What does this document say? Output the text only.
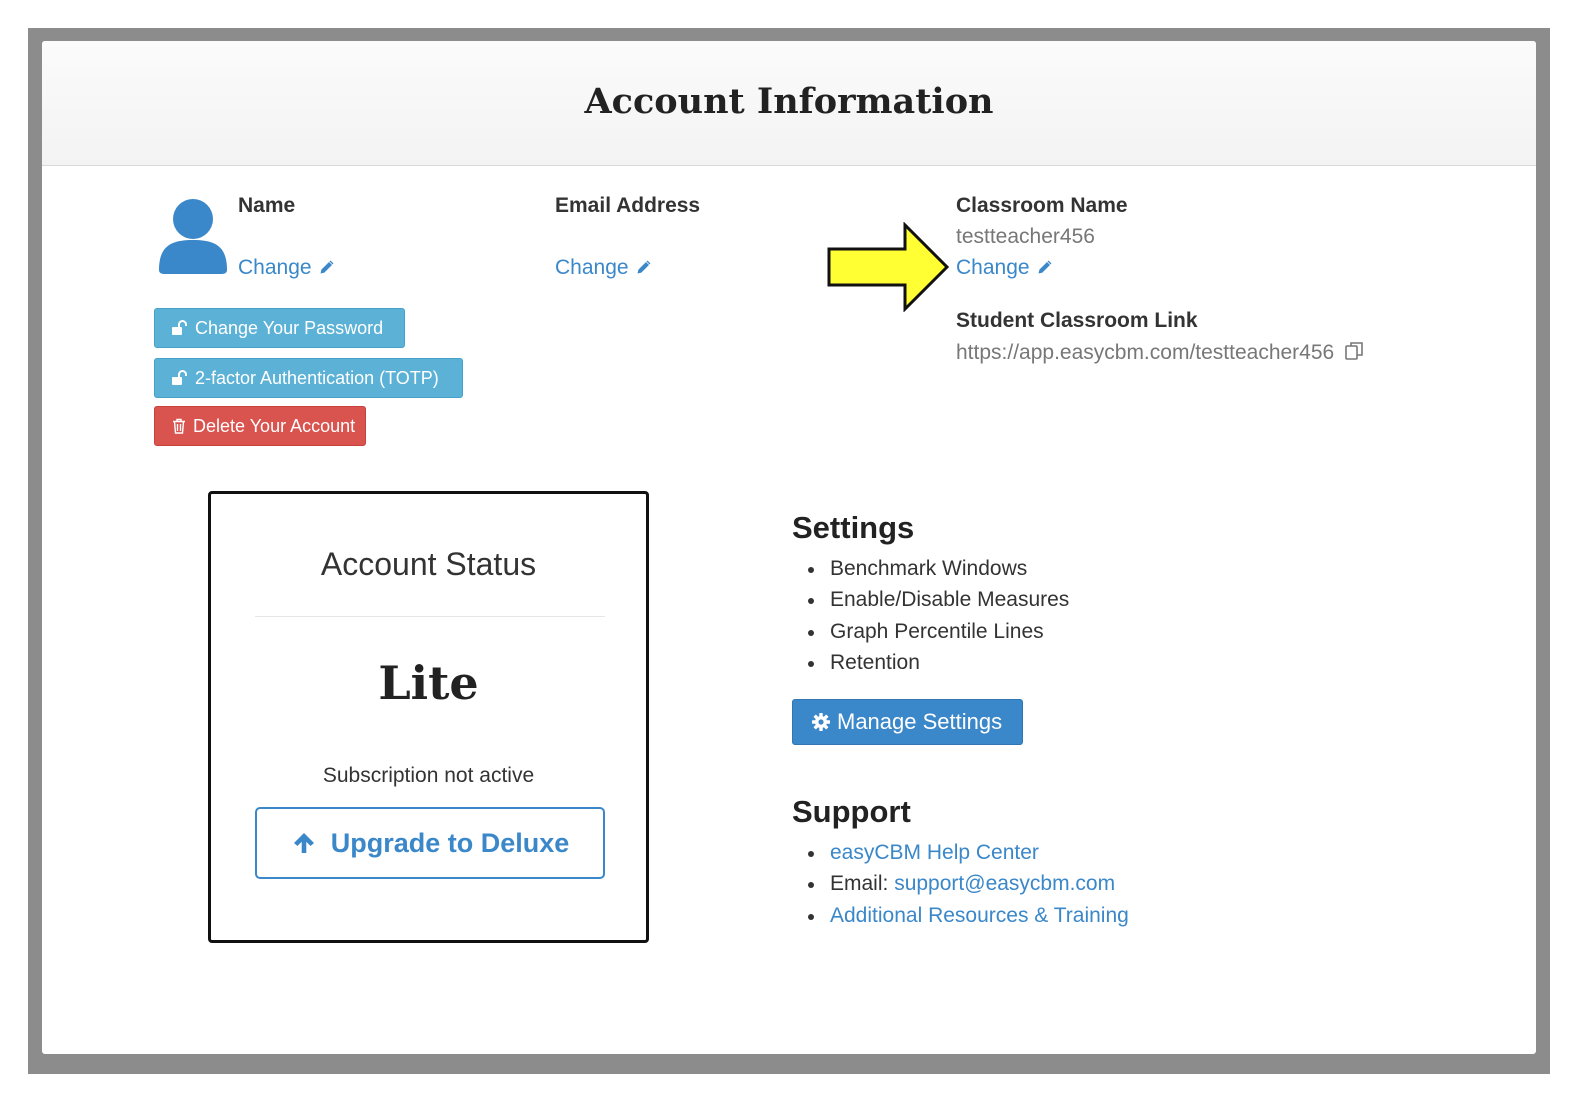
Account Information
Name
Change
Email Address
Change
Classroom Name
testteacher456
Change
Student Classroom Link
https://app.easycbm.com/testteacher456
Change Your Password
2-factor Authentication (TOTP)
Delete Your Account
Settings
Benchmark Windows
Enable/Disable Measures
Graph Percentile Lines
Retention
Manage Settings
Support
easyCBM Help Center
Email: support@easycbm.com
Additional Resources & Training
Account Status
Lite
Subscription not active
Upgrade to Deluxe
